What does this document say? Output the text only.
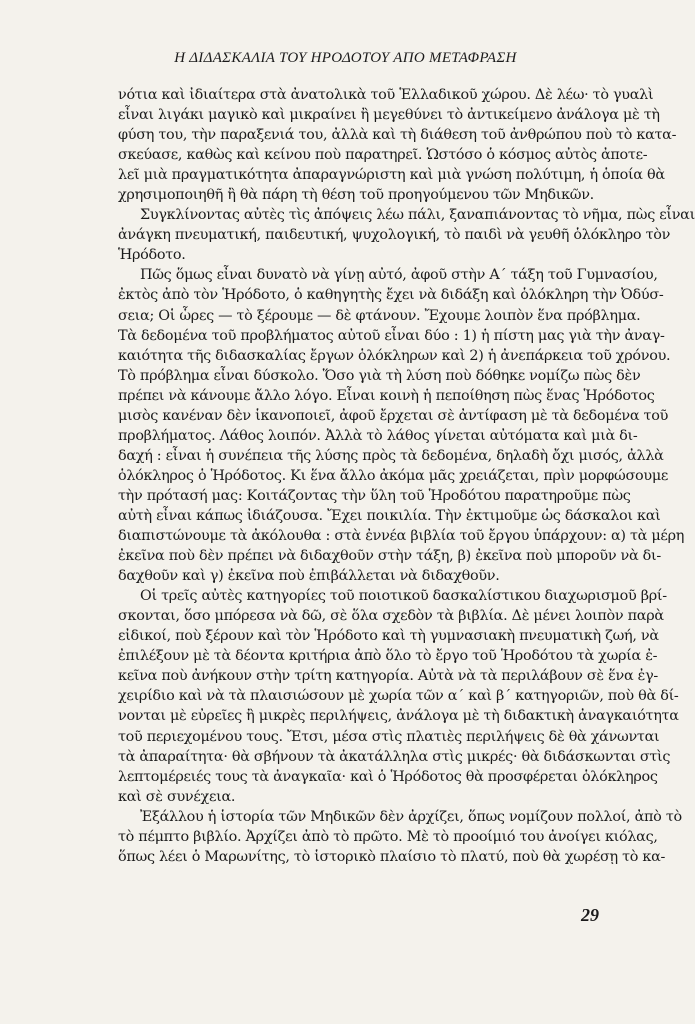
Η ΔΙΔΑΣΚΑΛΙΑ ΤΟΥ ΗΡΟΔΟΤΟΥ ΑΠΟ ΜΕΤΑΦΡΑΣΗ
νότια καὶ ἰδιαίτερα στὰ ἀνατολικὰ τοῦ Ἑλλαδικοῦ χώρου. Δὲ λέω· τὸ γυαλὶ
εἶναι λιγάκι μαγικὸ καὶ μικραίνει ἢ μεγεθύνει τὸ ἀντικείμενο ἀνάλογα μὲ τὴ
φύση του, τὴν παραξενιά του, ἀλλὰ καὶ τὴ διάθεση τοῦ ἀνθρώπου ποὺ τὸ κατα-
σκεύασε, καθὼς καὶ κείνου ποὺ παρατηρεῖ. Ὡστόσο ὁ κόσμος αὐτὸς ἀποτε-
λεῖ μιὰ πραγματικότητα ἀπαραγνώριστη καὶ μιὰ γνώση πολύτιμη, ἡ ὁποία θὰ
χρησιμοποιηθῆ ἢ θὰ πάρη τὴ θέση τοῦ προηγούμενου τῶν Μηδικῶν.
Συγκλίνοντας αὐτὲς τὶς ἀπόψεις λέω πάλι, ξαναπιάνοντας τὸ νῆμα, πὼς εἶναι
ἀνάγκη πνευματική, παιδευτική, ψυχολογική, τὸ παιδὶ νὰ γευθῆ ὁλόκληρο τὸν
Ἡρόδοτο.
Πῶς ὅμως εἶναι δυνατὸ νὰ γίνῃ αὐτό, ἀφοῦ στὴν Α΄ τάξη τοῦ Γυμνασίου,
ἐκτὸς ἀπὸ τὸν Ἡρόδοτο, ὁ καθηγητὴς ἔχει νὰ διδάξη καὶ ὁλόκληρη τὴν Ὀδύσ-
σεια; Οἱ ὧρες — τὸ ξέρουμε — δὲ φτάνουν. Ἔχουμε λοιπὸν ἕνα πρόβλημα.
Τὰ δεδομένα τοῦ προβλήματος αὐτοῦ εἶναι δύο : 1) ἡ πίστη μας γιὰ τὴν ἀναγ-
καιότητα τῆς διδασκαλίας ἔργων ὁλόκληρων καὶ 2) ἡ ἀνεπάρκεια τοῦ χρόνου.
Τὸ πρόβλημα εἶναι δύσκολο. Ὅσο γιὰ τὴ λύση ποὺ δόθηκε νομίζω πὼς δὲν
πρέπει νὰ κάνουμε ἄλλο λόγο. Εἶναι κοινὴ ἡ πεποίθηση πὼς ἕνας Ἡρόδοτος
μισὸς κανέναν δὲν ἱκανοποιεῖ, ἀφοῦ ἔρχεται σὲ ἀντίφαση μὲ τὰ δεδομένα τοῦ
προβλήματος. Λάθος λοιπόν. Ἀλλὰ τὸ λάθος γίνεται αὐτόματα καὶ μιὰ δι-
δαχή : εἶναι ἡ συνέπεια τῆς λύσης πρὸς τὰ δεδομένα, δηλαδὴ ὄχι μισός, ἀλλὰ
ὁλόκληρος ὁ Ἡρόδοτος. Κι ἕνα ἄλλο ἀκόμα μᾶς χρειάζεται, πρὶν μορφώσουμε
τὴν πρότασή μας: Κοιτάζοντας τὴν ὕλη τοῦ Ἡροδότου παρατηροῦμε πὼς
αὐτὴ εἶναι κάπως ἰδιάζουσα. Ἔχει ποικιλία. Τὴν ἐκτιμοῦμε ὡς δάσκαλοι καὶ
διαπιστώνουμε τὰ ἀκόλουθα : στὰ ἐννέα βιβλία τοῦ ἔργου ὑπάρχουν: α) τὰ μέρη
ἐκεῖνα ποὺ δὲν πρέπει νὰ διδαχθοῦν στὴν τάξη, β) ἐκεῖνα ποὺ μποροῦν νὰ δι-
δαχθοῦν καὶ γ) ἐκεῖνα ποὺ ἐπιβάλλεται νὰ διδαχθοῦν.
Οἱ τρεῖς αὐτὲς κατηγορίες τοῦ ποιοτικοῦ δασκαλίστικου διαχωρισμοῦ βρί-
σκονται, ὅσο μπόρεσα νὰ δῶ, σὲ ὅλα σχεδὸν τὰ βιβλία. Δὲ μένει λοιπὸν παρὰ
εἰδικοί, ποὺ ξέρουν καὶ τὸν Ἡρόδοτο καὶ τὴ γυμνασιακὴ πνευματικὴ ζωή, νὰ
ἐπιλέξουν μὲ τὰ δέοντα κριτήρια ἀπὸ ὅλο τὸ ἔργο τοῦ Ἡροδότου τὰ χωρία ἐ-
κεῖνα ποὺ ἀνήκουν στὴν τρίτη κατηγορία. Αὐτὰ νὰ τὰ περιλάβουν σὲ ἕνα ἐγ-
χειρίδιο καὶ νὰ τὰ πλαισιώσουν μὲ χωρία τῶν α΄ καὶ β΄ κατηγοριῶν, ποὺ θὰ δί-
νονται μὲ εὐρεῖες ἢ μικρὲς περιλήψεις, ἀνάλογα μὲ τὴ διδακτικὴ ἀναγκαιότητα
τοῦ περιεχομένου τους. Ἔτσι, μέσα στὶς πλατιὲς περιλήψεις δὲ θὰ χάνωνται
τὰ ἀπαραίτητα· θὰ σβήνουν τὰ ἀκατάλληλα στὶς μικρές· θὰ διδάσκωνται στὶς
λεπτομέρειές τους τὰ ἀναγκαῖα· καὶ ὁ Ἡρόδοτος θὰ προσφέρεται ὁλόκληρος
καὶ σὲ συνέχεια.
Ἐξάλλου ἡ ἱστορία τῶν Μηδικῶν δὲν ἀρχίζει, ὅπως νομίζουν πολλοί, ἀπὸ τὸ
τὸ πέμπτο βιβλίο. Ἀρχίζει ἀπὸ τὸ πρῶτο. Μὲ τὸ προοίμιό του ἀνοίγει κιόλας,
ὅπως λέει ὁ Μαρωνίτης, τὸ ἱστορικὸ πλαίσιο τὸ πλατύ, ποὺ θὰ χωρέσῃ τὸ κα-
29
